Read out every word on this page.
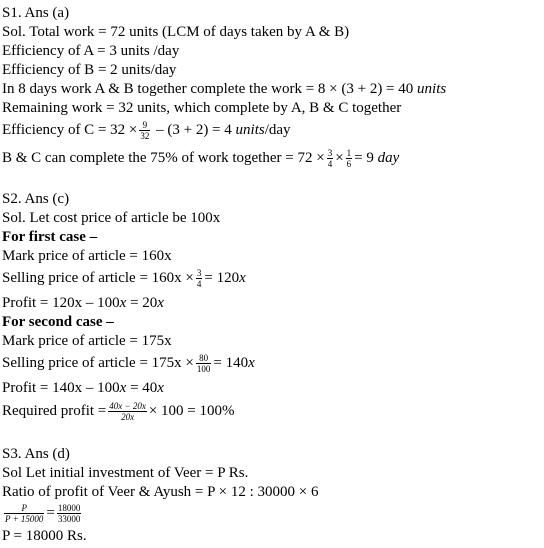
S1. Ans (a)
Sol. Total work = 72 units (LCM of days taken by A & B)
Efficiency of A = 3 units /day
Efficiency of B = 2 units/day
In 8 days work A & B together complete the work = 8 × (3 + 2) = 40 units
Remaining work = 32 units, which complete by A, B & C together
Efficiency of $C = 32 \times \frac{9}{32} - (3 + 2) = 4$ units/day
B & C can complete the 75% of work together = $72 \times \frac{3}{4} \times \frac{1}{6} = 9$ day
S2. Ans (c)
Sol. Let cost price of article be 100x
For first case –
Mark price of article = 160x
Selling price of article = $160x \times \frac{3}{4} = 120x$
Profit = 120x – 100x = 20x
For second case –
Mark price of article = 175x
Selling price of article = $175x \times \frac{80}{100} = 140x$
Profit = 140x – 100x = 40x
Required profit = $\frac{40x - 20x}{20x} \times 100 = 100\%$
S3. Ans (d)
Sol Let initial investment of Veer = P Rs.
Ratio of profit of Veer & Ayush = P × 12 : 30000 × 6
$\frac{P}{P + 15000} = \frac{18000}{33000}$
P = 18000 Rs.
